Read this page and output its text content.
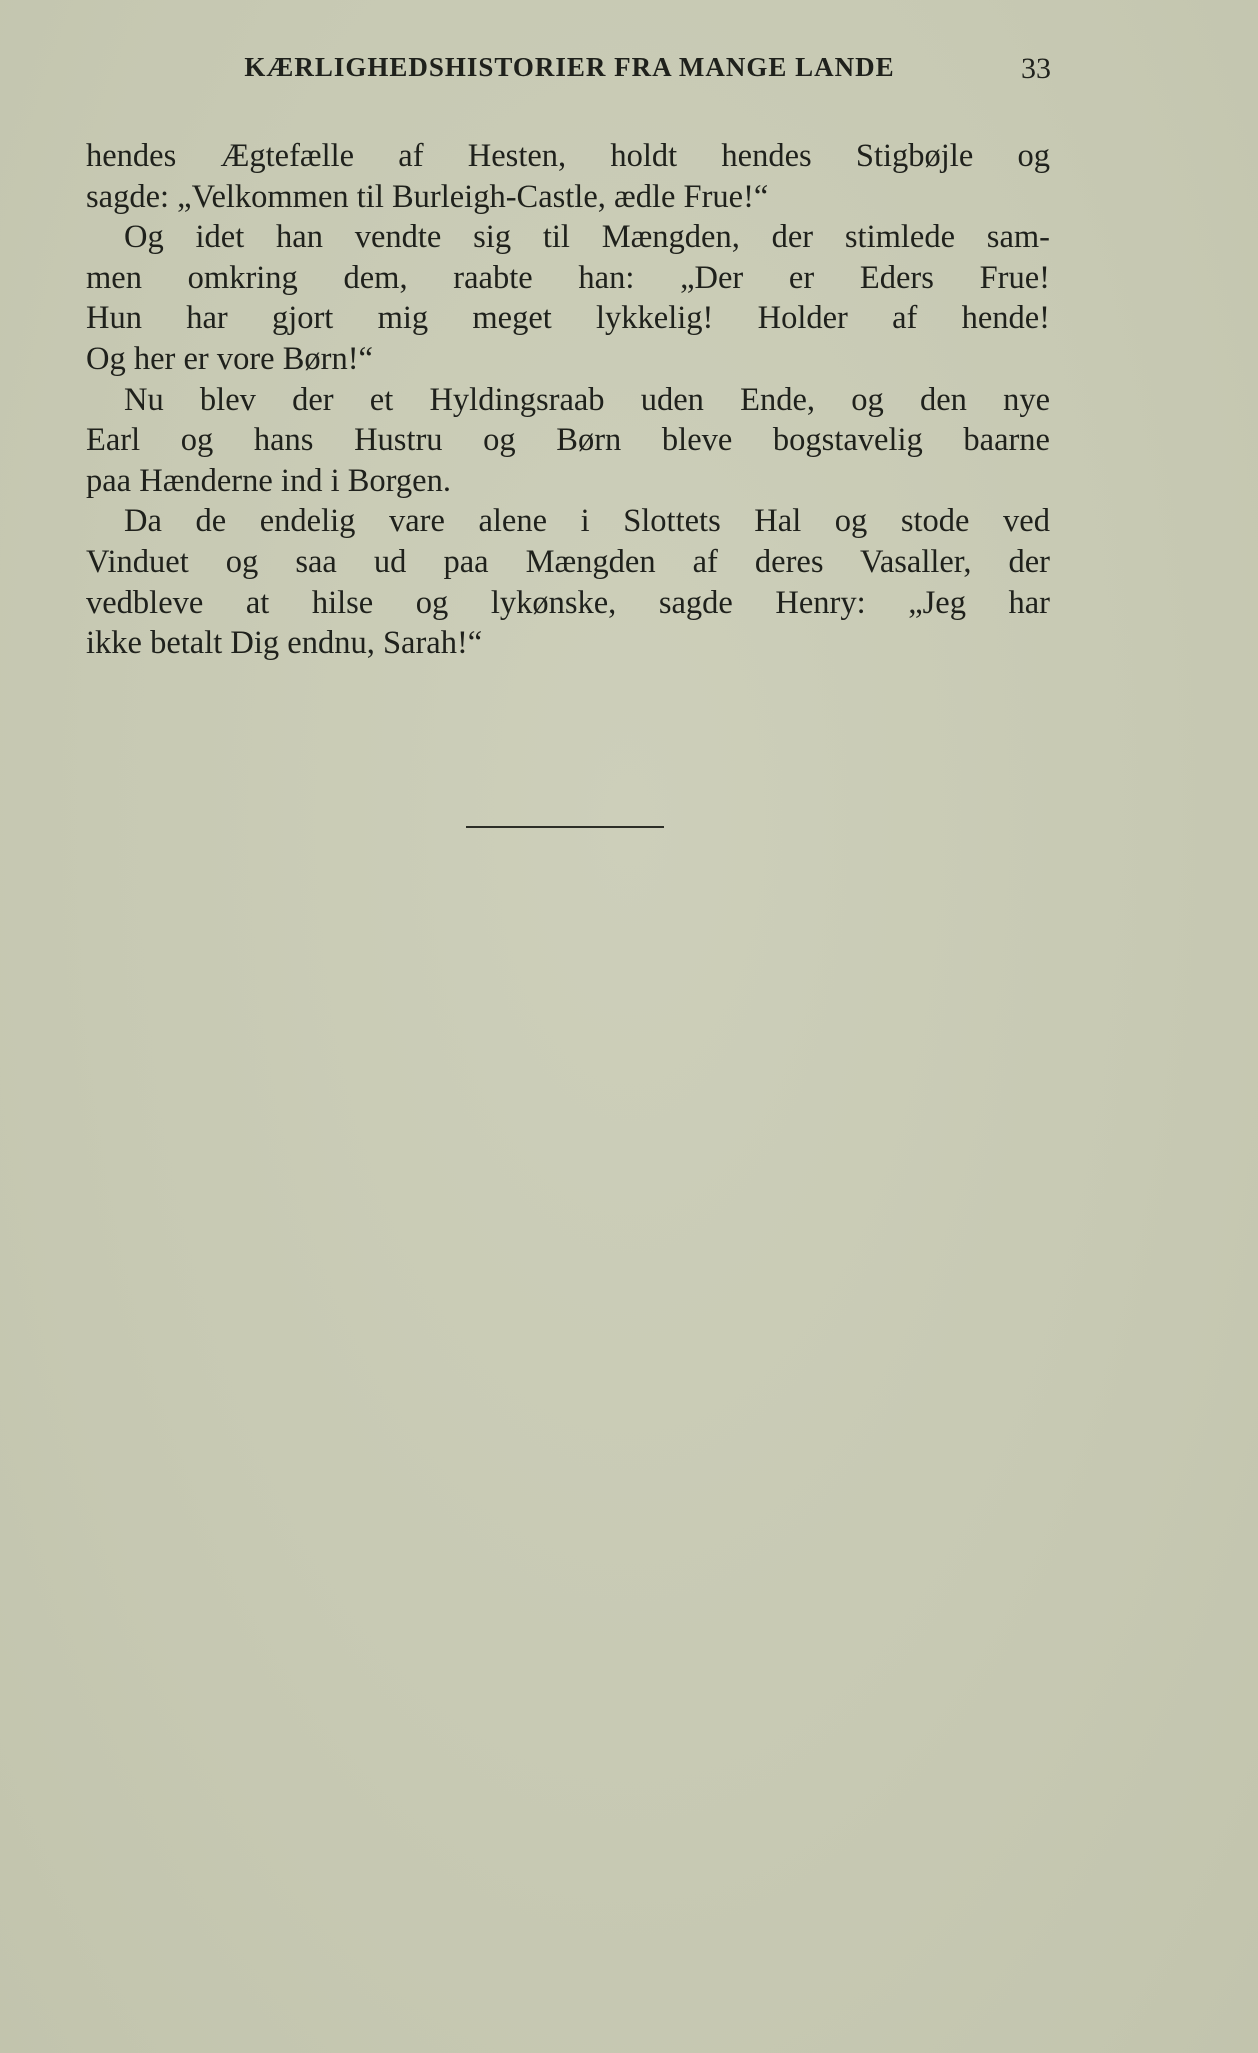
KÆRLIGHEDSHISTORIER FRA MANGE LANDE	33
hendes Ægtefælle af Hesten, holdt hendes Stigbøjle og
sagde: „Velkommen til Burleigh-Castle, ædle Frue!“
Og idet han vendte sig til Mængden, der stimlede sam-
men omkring dem, raabte han: „Der er Eders Frue!
Hun har gjort mig meget lykkelig! Holder af hende!
Og her er vore Børn!“
Nu blev der et Hyldingsraab uden Ende, og den nye
Earl og hans Hustru og Børn bleve bogstavelig baarne
paa Hænderne ind i Borgen.
Da de endelig vare alene i Slottets Hal og stode ved
Vinduet og saa ud paa Mængden af deres Vasaller, der
vedbleve at hilse og lykønske, sagde Henry: „Jeg har
ikke betalt Dig endnu, Sarah!“
